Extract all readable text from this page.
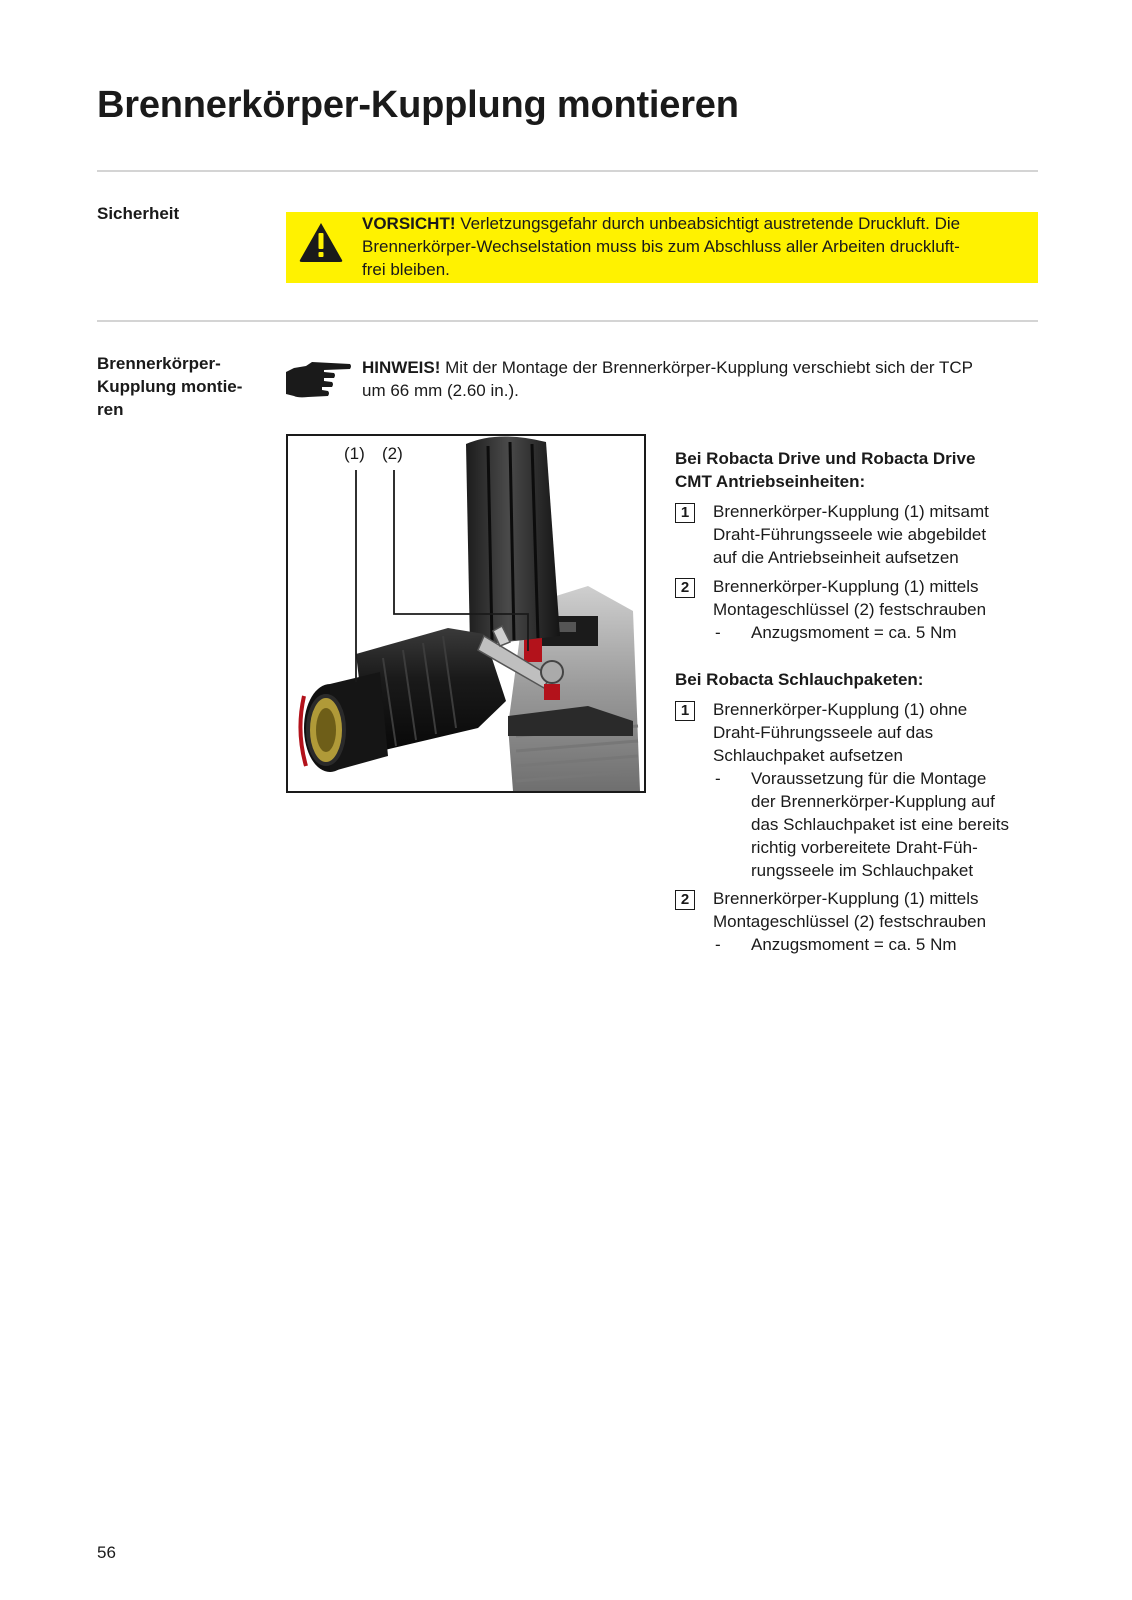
Brennerkörper-Kupplung montieren
Sicherheit
VORSICHT! Verletzungsgefahr durch unbeabsichtigt austretende Druckluft. Die
Brennerkörper-Wechselstation muss bis zum Abschluss aller Arbeiten druckluft-
frei bleiben.
Brennerkörper-
Kupplung montie-
ren
HINWEIS! Mit der Montage der Brennerkörper-Kupplung verschiebt sich der TCP
um 66 mm (2.60 in.).
(1) (2)	Bei Robacta Drive und Robacta Drive
CMT Antriebseinheiten:
1	Brennerkörper-Kupplung (1) mitsamt
Draht-Führungsseele wie abgebildet
auf die Antriebseinheit aufsetzen
2	Brennerkörper-Kupplung (1) mittels
Montageschlüssel (2) festschrauben
- Anzugsmoment = ca. 5 Nm
Bei Robacta Schlauchpaketen:
1	Brennerkörper-Kupplung (1) ohne
Draht-Führungsseele auf das
Schlauchpaket aufsetzen
- Voraussetzung für die Montage
der Brennerkörper-Kupplung auf
das Schlauchpaket ist eine bereits
richtig vorbereitete Draht-Füh-
rungsseele im Schlauchpaket
2	Brennerkörper-Kupplung (1) mittels
Montageschlüssel (2) festschrauben
- Anzugsmoment = ca. 5 Nm
56
